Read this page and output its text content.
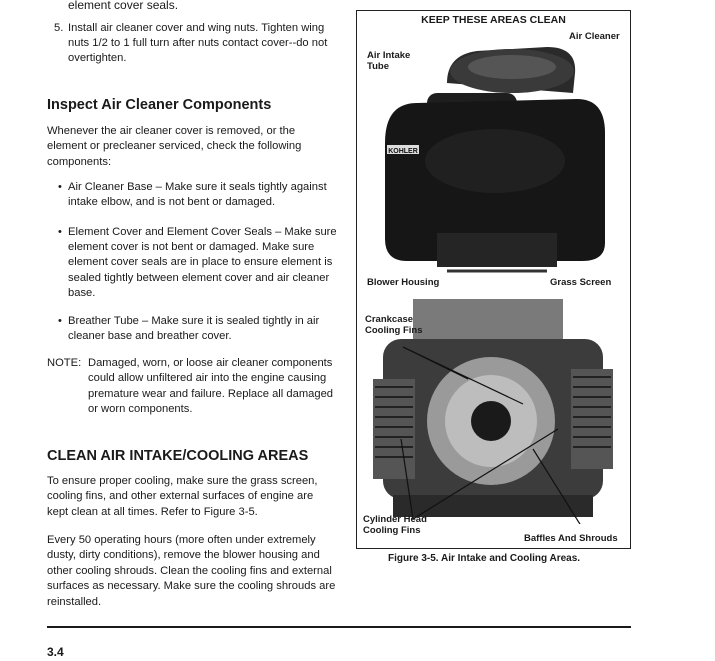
element cover seals.
5. Install air cleaner cover and wing nuts. Tighten wing nuts 1/2 to 1 full turn after nuts contact cover--do not overtighten.
Inspect Air Cleaner Components

Whenever the air cleaner cover is removed, or the element or precleaner serviced, check the following components:

• Air Cleaner Base – Make sure it seals tightly against intake elbow, and is not bent or damaged.
• Element Cover and Element Cover Seals – Make sure element cover is not bent or damaged. Make sure element cover seals are in place to ensure element is sealed tightly between element cover and air cleaner base.
• Breather Tube – Make sure it is sealed tightly in air cleaner base and breather cover.
NOTE: Damaged, worn, or loose air cleaner components could allow unfiltered air into the engine causing premature wear and failure. Replace all damaged or worn components.
CLEAN AIR INTAKE/COOLING AREAS

To ensure proper cooling, make sure the grass screen, cooling fins, and other external surfaces of engine are kept clean at all times. Refer to Figure 3-5.

Every 50 operating hours (more often under extremely dusty, dirty conditions), remove the blower housing and other cooling shrouds. Clean the cooling fins and external surfaces as necessary. Make sure the cooling shrouds are reinstalled.

KEEP THESE AREAS CLEAN
KOHLER
Air Cleaner
Air Intake
Tube
Blower Housing	Grass Screen
Crankcase
Cooling Fins
Cylinder Head
Cooling Fins
Baffles And Shrouds
Figure 3-5. Air Intake and Cooling Areas.
3.4
